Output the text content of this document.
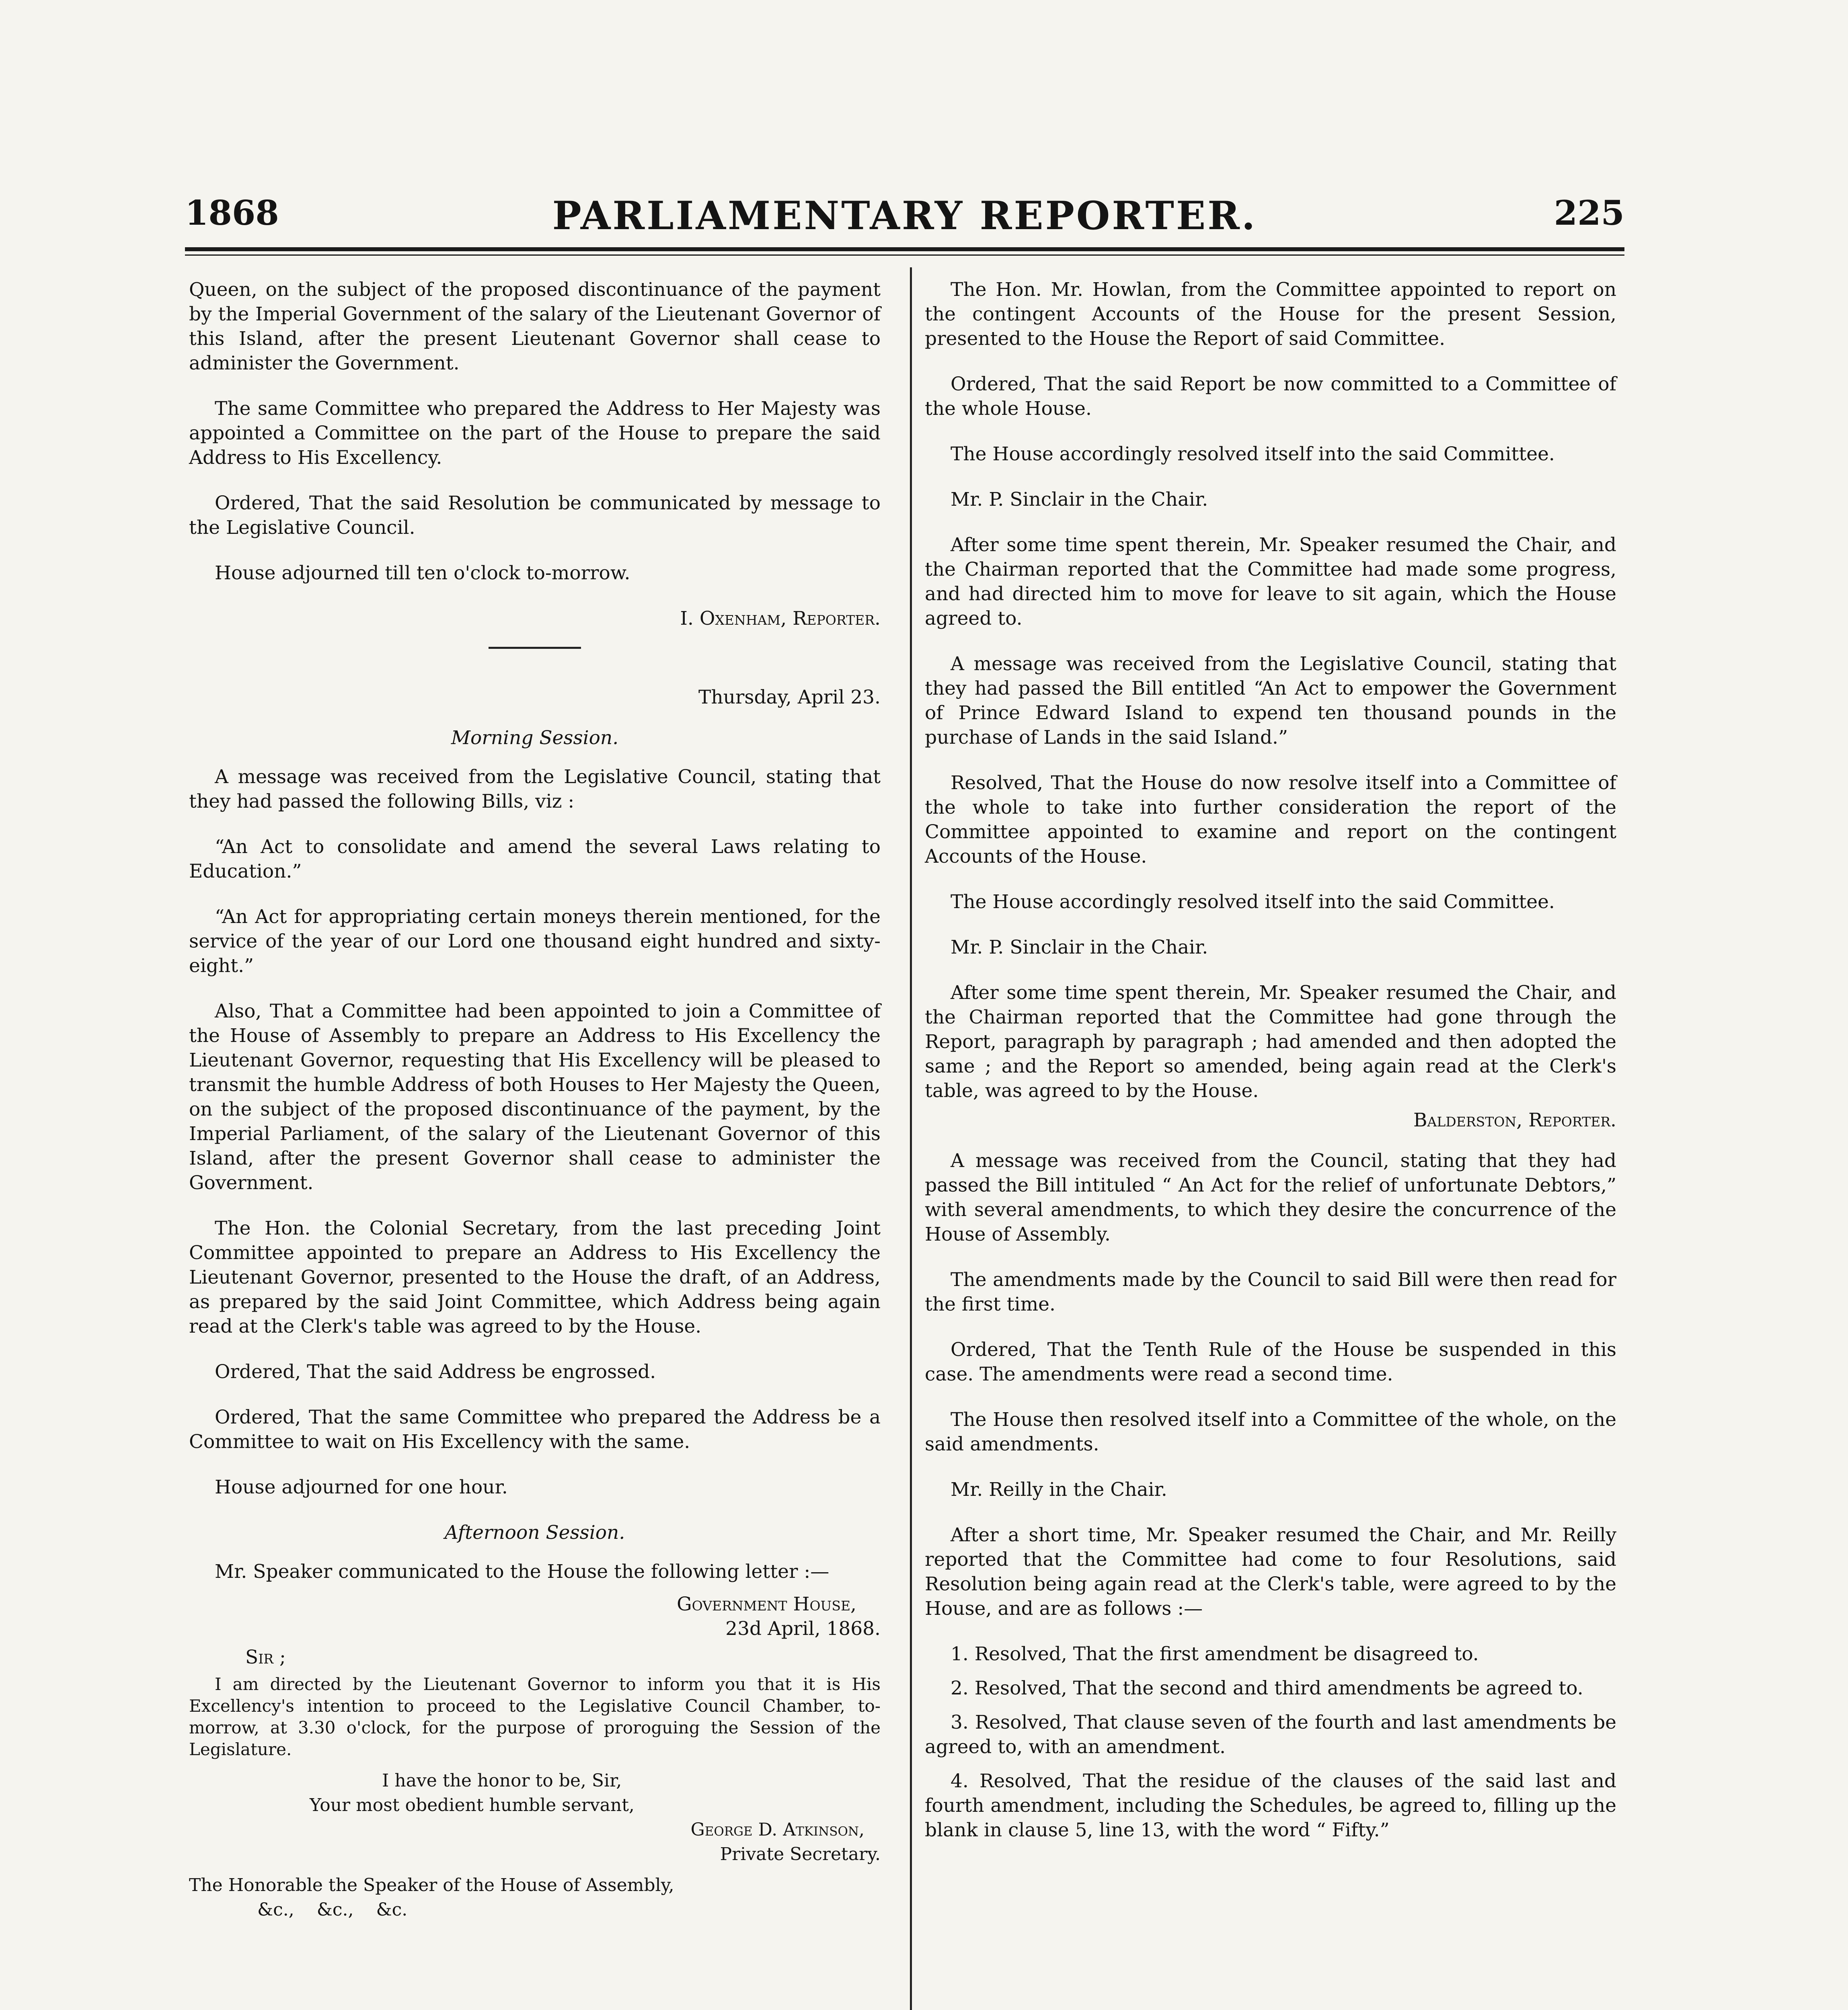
1868	PARLIAMENTARY REPORTER.	225

Queen, on the subject of the proposed discontinuance of the payment by the Imperial Government of the salary of the Lieutenant Governor of this Island, after the present Lieutenant Governor shall cease to administer the Government.

The same Committee who prepared the Address to Her Majesty was appointed a Committee on the part of the House to prepare the said Address to His Excellency.

Ordered, That the said Resolution be communicated by message to the Legislative Council.

House adjourned till ten o'clock to-morrow.

I. Oxenham, Reporter.
Thursday, April 23.
Morning Session.

A message was received from the Legislative Council, stating that they had passed the following Bills, viz :

“An Act to consolidate and amend the several Laws relating to Education.”

“An Act for appropriating certain moneys therein mentioned, for the service of the year of our Lord one thousand eight hundred and sixty-eight.”

Also, That a Committee had been appointed to join a Committee of the House of Assembly to prepare an Address to His Excellency the Lieutenant Governor, requesting that His Excellency will be pleased to transmit the humble Address of both Houses to Her Majesty the Queen, on the subject of the proposed discontinuance of the payment, by the Imperial Parliament, of the salary of the Lieutenant Governor of this Island, after the present Governor shall cease to administer the Government.

The Hon. the Colonial Secretary, from the last preceding Joint Committee appointed to prepare an Address to His Excellency the Lieutenant Governor, presented to the House the draft, of an Address, as prepared by the said Joint Committee, which Address being again read at the Clerk's table was agreed to by the House.

Ordered, That the said Address be engrossed.

Ordered, That the same Committee who prepared the Address be a Committee to wait on His Excellency with the same.

House adjourned for one hour.

Afternoon Session.

Mr. Speaker communicated to the House the following letter :—

Government House,
23d April, 1868.
Sir ;

I am directed by the Lieutenant Governor to inform you that it is His Excellency's intention to proceed to the Legislative Council Chamber, to-morrow, at 3.30 o'clock, for the purpose of proroguing the Session of the Legislature.

I have the honor to be, Sir,
Your most obedient humble servant,
George D. Atkinson,
Private Secretary.
The Honorable the Speaker of the House of Assembly,
&c.,    &c.,    &c.

The Hon. Mr. Howlan, from the Committee appointed to report on the contingent Accounts of the House for the present Session, presented to the House the Report of said Committee.

Ordered, That the said Report be now committed to a Committee of the whole House.

The House accordingly resolved itself into the said Committee.

Mr. P. Sinclair in the Chair.

After some time spent therein, Mr. Speaker resumed the Chair, and the Chairman reported that the Committee had made some progress, and had directed him to move for leave to sit again, which the House agreed to.

A message was received from the Legislative Council, stating that they had passed the Bill entitled “An Act to empower the Government of Prince Edward Island to expend ten thousand pounds in the purchase of Lands in the said Island.”

Resolved, That the House do now resolve itself into a Committee of the whole to take into further consideration the report of the Committee appointed to examine and report on the contingent Accounts of the House.

The House accordingly resolved itself into the said Committee.

Mr. P. Sinclair in the Chair.

After some time spent therein, Mr. Speaker resumed the Chair, and the Chairman reported that the Committee had gone through the Report, paragraph by paragraph ; had amended and then adopted the same ; and the Report so amended, being again read at the Clerk's table, was agreed to by the House.

Balderston, Reporter.

A message was received from the Council, stating that they had passed the Bill intituled “ An Act for the relief of unfortunate Debtors,” with several amendments, to which they desire the concurrence of the House of Assembly.

The amendments made by the Council to said Bill were then read for the first time.

Ordered, That the Tenth Rule of the House be suspended in this case. The amendments were read a second time.

The House then resolved itself into a Committee of the whole, on the said amendments.

Mr. Reilly in the Chair.

After a short time, Mr. Speaker resumed the Chair, and Mr. Reilly reported that the Committee had come to four Resolutions, said Resolution being again read at the Clerk's table, were agreed to by the House, and are as follows :—

1. Resolved, That the first amendment be disagreed to.

2. Resolved, That the second and third amendments be agreed to.

3. Resolved, That clause seven of the fourth and last amendments be agreed to, with an amendment.

4. Resolved, That the residue of the clauses of the said last and fourth amendment, including the Schedules, be agreed to, filling up the blank in clause 5, line 13, with the word “ Fifty.”
